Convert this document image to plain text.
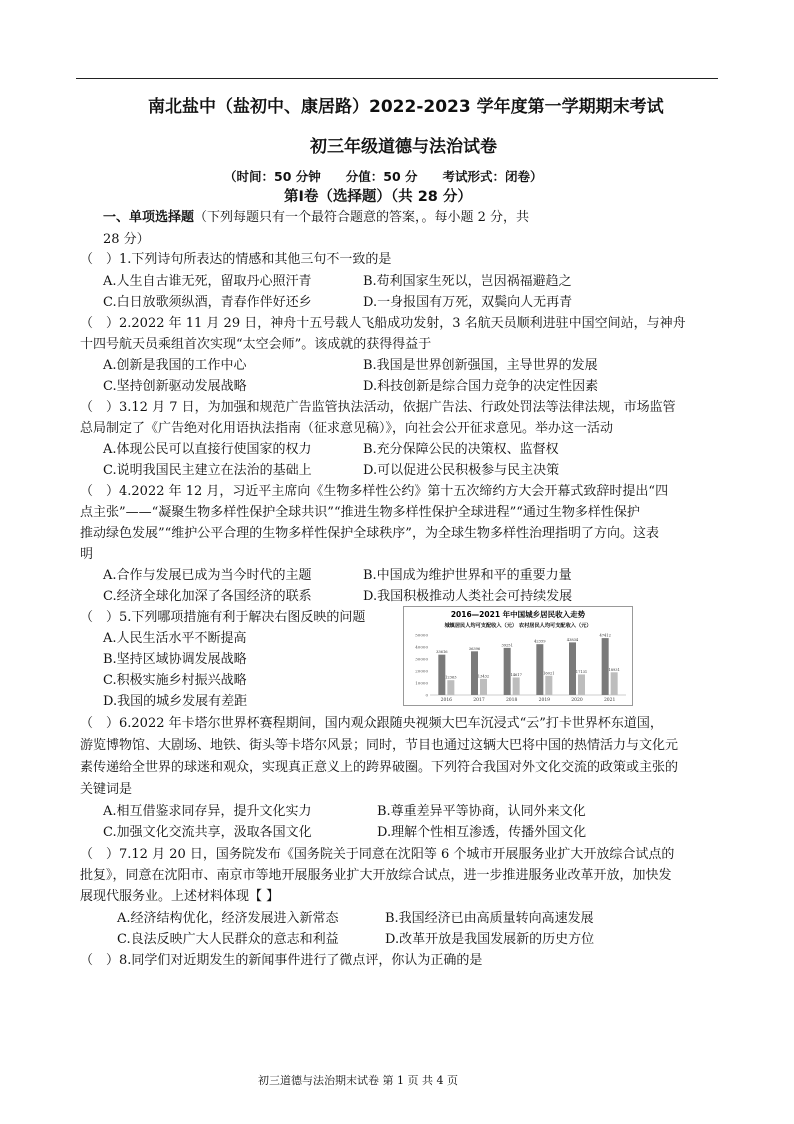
南北盐中（盐初中、康居路）2022-2023 学年度第一学期期末考试
初三年级道德与法治试卷
（时间：50 分钟　　分值：50 分　　考试形式：闭卷）
第Ⅰ卷（选择题）（共 28 分）
一、单项选择题（下列每题只有一个最符合题意的答案，。每小题 2 分，共
28 分）
（　）1.下列诗句所表达的情感和其他三句不一致的是
A.人生自古谁无死，留取丹心照汗青	B.苟利国家生死以，岂因祸福避趋之
C.白日放歌须纵酒，青春作伴好还乡	D.一身报国有万死，双鬓向人无再青
（　）2.2022 年 11 月 29 日，神舟十五号载人飞船成功发射，3 名航天员顺利进驻中国空间站，与神舟
十四号航天员乘组首次实现“太空会师”。该成就的获得得益于
A.创新是我国的工作中心	B.我国是世界创新强国，主导世界的发展
C.坚持创新驱动发展战略	D.科技创新是综合国力竞争的决定性因素
（　）3.12 月 7 日，为加强和规范广告监管执法活动，依据广告法、行政处罚法等法律法规，市场监管
总局制定了《广告绝对化用语执法指南（征求意见稿）》，向社会公开征求意见。举办这一活动
A.体现公民可以直接行使国家的权力	B.充分保障公民的决策权、监督权
C.说明我国民主建立在法治的基础上	D.可以促进公民积极参与民主决策
（　）4.2022 年 12 月，习近平主席向《生物多样性公约》第十五次缔约方大会开幕式致辞时提出“四
点主张”——“凝聚生物多样性保护全球共识”“推进生物多样性保护全球进程”“通过生物多样性保护
推动绿色发展”“维护公平合理的生物多样性保护全球秩序”，为全球生物多样性治理指明了方向。这表
明
A.合作与发展已成为当今时代的主题	B.中国成为维护世界和平的重要力量
C.经济全球化加深了各国经济的联系	D.我国积极推动人类社会可持续发展
（　）5.下列哪项措施有利于解决右图反映的问题
A.人民生活水平不断提高
B.坚持区域协调发展战略
C.积极实施乡村振兴战略
D.我国的城乡发展有差距
2016—2021 年中国城乡居民收入走势
城镇居民人均可支配收入（元） 农村居民人均可支配收入（元）
0
10000
20000
30000
40000
50000
33616
12363
2016
36396
13432
2017
39251
14617
2018
42359
16021
2019
43834
17131
2020
47412
18931
2021
（　）6.2022 年卡塔尔世界杯赛程期间，国内观众跟随央视频大巴车沉浸式“云”打卡世界杯东道国，
游览博物馆、大剧场、地铁、街头等卡塔尔风景；同时，节目也通过这辆大巴将中国的热情活力与文化元
素传递给全世界的球迷和观众，实现真正意义上的跨界破圈。下列符合我国对外文化交流的政策或主张的
关键词是
A.相互借鉴求同存异，提升文化实力	B.尊重差异平等协商，认同外来文化
C.加强文化交流共享，汲取各国文化	D.理解个性相互渗透，传播外国文化
（　）7.12 月 20 日，国务院发布《国务院关于同意在沈阳等 6 个城市开展服务业扩大开放综合试点的
批复》，同意在沈阳市、南京市等地开展服务业扩大开放综合试点，进一步推进服务业改革开放，加快发
展现代服务业。上述材料体现【 】
A.经济结构优化，经济发展进入新常态	B.我国经济已由高质量转向高速发展
C.良法反映广大人民群众的意志和利益	D.改革开放是我国发展新的历史方位
（　）8.同学们对近期发生的新闻事件进行了微点评，你认为正确的是
初三道德与法治期末试卷 第 1 页 共 4 页
